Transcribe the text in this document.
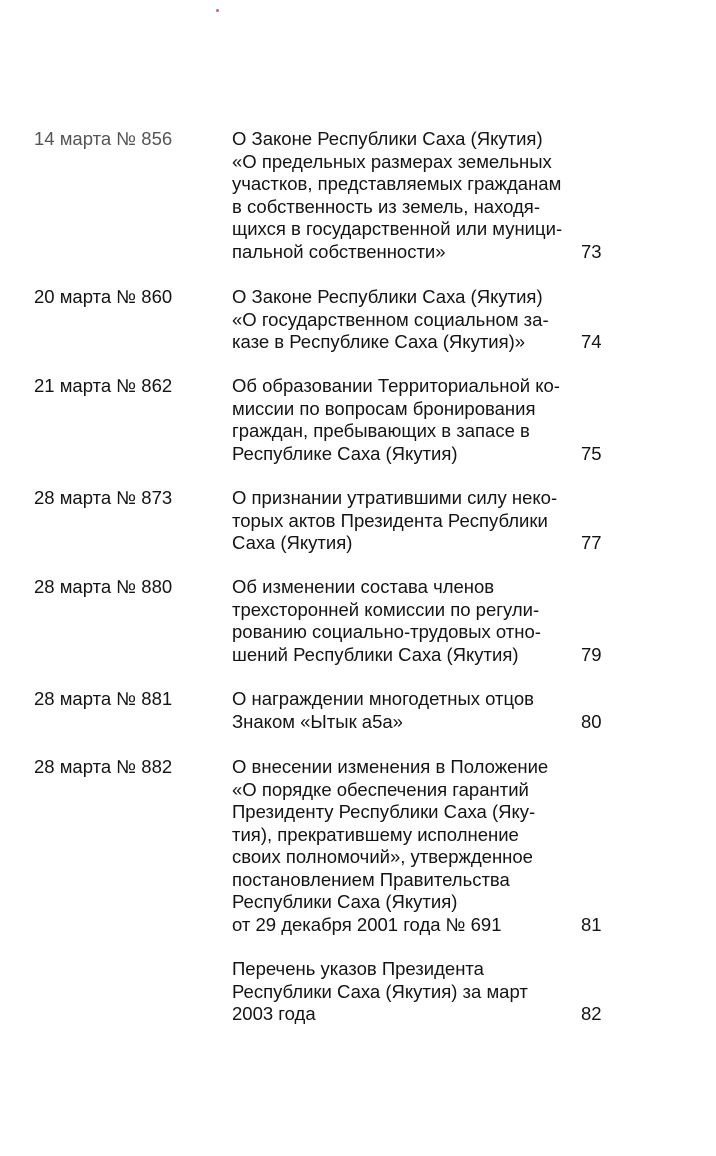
14 марта № 856	О Законе Республики Саха (Якутия)
«О предельных размерах земельных
участков, представляемых гражданам
в собственность из земель, находя-
щихся в государственной или муници-
пальной собственности»	73
20 марта № 860	О Законе Республики Саха (Якутия)
«О государственном социальном за-
казе в Республике Саха (Якутия)»	74
21 марта № 862	Об образовании Территориальной ко-
миссии по вопросам бронирования
граждан, пребывающих в запасе в
Республике Саха (Якутия)	75
28 марта № 873	О признании утратившими силу неко-
торых актов Президента Республики
Саха (Якутия)	77
28 марта № 880	Об изменении состава членов
трехсторонней комиссии по регули-
рованию социально-трудовых отно-
шений Республики Саха (Якутия)	79
28 марта № 881	О награждении многодетных отцов
Знаком «Ытык а5а»	80
28 марта № 882	О внесении изменения в Положение
«О порядке обеспечения гарантий
Президенту Республики Саха (Яку-
тия), прекратившему исполнение
своих полномочий», утвержденное
постановлением Правительства
Республики Саха (Якутия)
от 29 декабря 2001 года № 691	81
Перечень указов Президента
Республики Саха (Якутия) за март
2003 года	82
